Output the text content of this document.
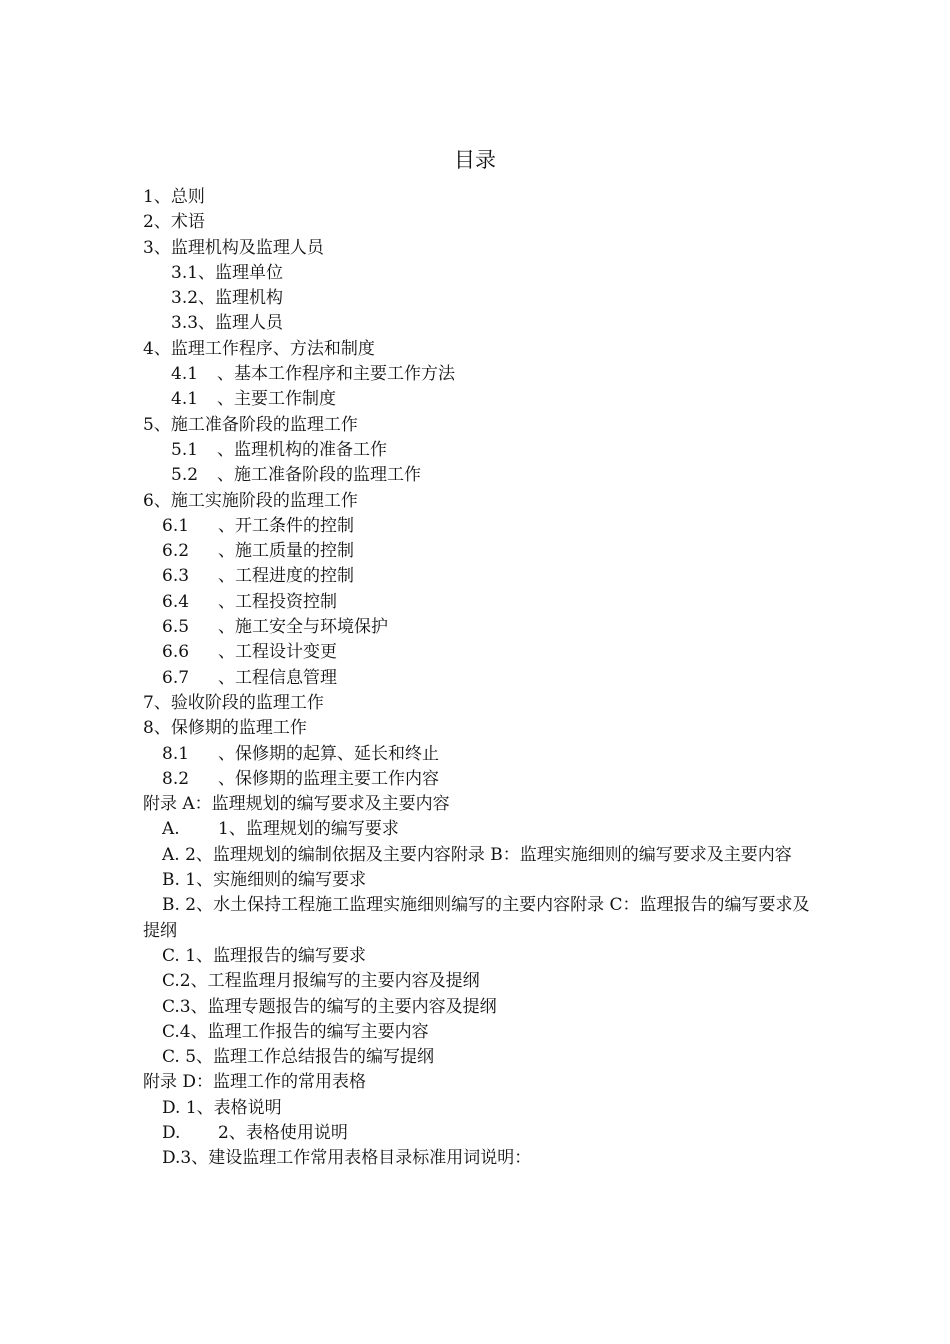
目录
1、总则
2、术语
3、监理机构及监理人员
3.1、监理单位
3.2、监理机构
3.3、监理人员
4、监理工作程序、方法和制度
4.1 、基本工作程序和主要工作方法
4.1 、主要工作制度
5、施工准备阶段的监理工作
5.1 、监理机构的准备工作
5.2 、施工准备阶段的监理工作
6、施工实施阶段的监理工作
6.1 、开工条件的控制
6.2 、施工质量的控制
6.3 、工程进度的控制
6.4 、工程投资控制
6.5 、施工安全与环境保护
6.6 、工程设计变更
6.7 、工程信息管理
7、验收阶段的监理工作
8、保修期的监理工作
8.1 、保修期的起算、延长和终止
8.2 、保修期的监理主要工作内容
附录 A：监理规划的编写要求及主要内容
A. 1、监理规划的编写要求
A. 2、监理规划的编制依据及主要内容附录 B：监理实施细则的编写要求及主要内容
B. 1、实施细则的编写要求
B. 2、水土保持工程施工监理实施细则编写的主要内容附录 C：监理报告的编写要求及提纲
C. 1、监理报告的编写要求
C.2、工程监理月报编写的主要内容及提纲
C.3、监理专题报告的编写的主要内容及提纲
C.4、监理工作报告的编写主要内容
C. 5、监理工作总结报告的编写提纲
附录 D：监理工作的常用表格
D. 1、表格说明
D. 2、表格使用说明
D.3、建设监理工作常用表格目录标准用词说明：
